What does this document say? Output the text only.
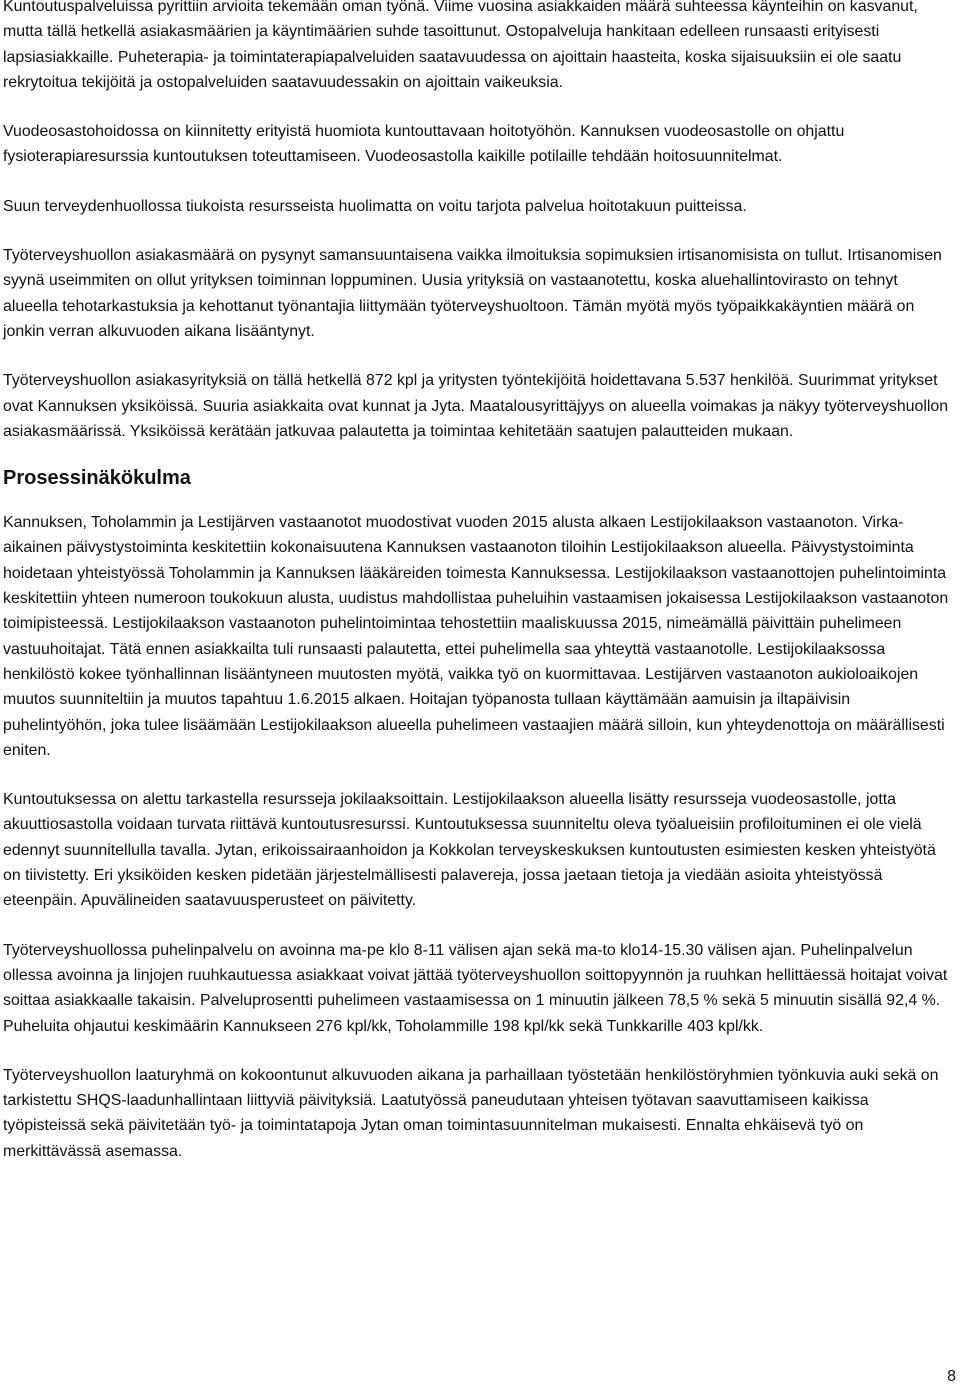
Kuntoutuspalveluissa pyrittiin arvioita tekemään oman työnä. Viime vuosina asiakkaiden määrä suhteessa käynteihin on kasvanut, mutta tällä hetkellä asiakasmäärien ja käyntimäärien suhde tasoittunut. Ostopalveluja hankitaan edelleen runsaasti erityisesti lapsiasiakkaille. Puheterapia- ja toimintaterapiapalveluiden saatavuudessa on ajoittain haasteita, koska sijaisuuksiin ei ole saatu rekrytoitua tekijöitä ja ostopalveluiden saatavuudessakin on ajoittain vaikeuksia.

Vuodeosastohoidossa on kiinnitetty erityistä huomiota kuntouttavaan hoitotyöhön. Kannuksen vuodeosastolle on ohjattu fysioterapiaresurssia kuntoutuksen toteuttamiseen. Vuodeosastolla kaikille potilaille tehdään hoitosuunnitelmat.

Suun terveydenhuollossa tiukoista resursseista huolimatta on voitu tarjota palvelua hoitotakuun puitteissa.

Työterveyshuollon asiakasmäärä on pysynyt samansuuntaisena vaikka ilmoituksia sopimuksien irtisanomisista on tullut. Irtisanomisen syynä useimmiten on ollut yrityksen toiminnan loppuminen. Uusia yrityksiä on vastaanotettu, koska aluehallintovirasto on tehnyt alueella tehotarkastuksia ja kehottanut työnantajia liittymään työterveyshuoltoon. Tämän myötä myös työpaikkakäyntien määrä on jonkin verran alkuvuoden aikana lisääntynyt.

Työterveyshuollon asiakasyrityksiä on tällä hetkellä 872 kpl ja yritysten työntekijöitä hoidettavana 5.537 henkilöä. Suurimmat yritykset ovat Kannuksen yksiköissä. Suuria asiakkaita ovat kunnat ja Jyta. Maatalousyrittäjyys on alueella voimakas ja näkyy työterveyshuollon asiakasmäärissä. Yksiköissä kerätään jatkuvaa palautetta ja toimintaa kehitetään saatujen palautteiden mukaan.

Prosessinäkökulma

Kannuksen, Toholammin ja Lestijärven vastaanotot muodostivat vuoden 2015 alusta alkaen Lestijokilaakson vastaanoton. Virka-aikainen päivystystoiminta keskitettiin kokonaisuutena Kannuksen vastaanoton tiloihin Lestijokilaakson alueella. Päivystystoiminta hoidetaan yhteistyössä Toholammin ja Kannuksen lääkäreiden toimesta Kannuksessa. Lestijokilaakson vastaanottojen puhelintoiminta keskitettiin yhteen numeroon toukokuun alusta, uudistus mahdollistaa puheluihin vastaamisen jokaisessa Lestijokilaakson vastaanoton toimipisteessä. Lestijokilaakson vastaanoton puhelintoimintaa tehostettiin maaliskuussa 2015, nimeämällä päivittäin puhelimeen vastuuhoitajat. Tätä ennen asiakkailta tuli runsaasti palautetta, ettei puhelimella saa yhteyttä vastaanotolle. Lestijokilaaksossa henkilöstö kokee työnhallinnan lisääntyneen muutosten myötä, vaikka työ on kuormittavaa. Lestijärven vastaanoton aukioloaikojen muutos suunniteltiin ja muutos tapahtuu 1.6.2015 alkaen. Hoitajan työpanosta tullaan käyttämään aamuisin ja iltapäivisin puhelintyöhön, joka tulee lisäämään Lestijokilaakson alueella puhelimeen vastaajien määrä silloin, kun yhteydenottoja on määrällisesti eniten.

Kuntoutuksessa on alettu tarkastella resursseja jokilaaksoittain. Lestijokilaakson alueella lisätty resursseja vuodeosastolle, jotta akuuttiosastolla voidaan turvata riittävä kuntoutusresurssi. Kuntoutuksessa suunniteltu oleva työalueisiin profiloituminen ei ole vielä edennyt suunnitellulla tavalla. Jytan, erikoissairaanhoidon ja Kokkolan terveyskeskuksen kuntoutusten esimiesten kesken yhteistyötä on tiivistetty. Eri yksiköiden kesken pidetään järjestelmällisesti palavereja, jossa jaetaan tietoja ja viedään asioita yhteistyössä eteenpäin. Apuvälineiden saatavuusperusteet on päivitetty.

Työterveyshuollossa puhelinpalvelu on avoinna ma-pe klo 8-11 välisen ajan sekä ma-to klo14-15.30 välisen ajan. Puhelinpalvelun ollessa avoinna ja linjojen ruuhkautuessa asiakkaat voivat jättää työterveyshuollon soittopyynnön ja ruuhkan hellittäessä hoitajat voivat soittaa asiakkaalle takaisin. Palveluprosentti puhelimeen vastaamisessa on 1 minuutin jälkeen 78,5 % sekä 5 minuutin sisällä 92,4 %. Puheluita ohjautui keskimäärin Kannukseen 276 kpl/kk, Toholammille 198 kpl/kk sekä Tunkkarille 403 kpl/kk.

Työterveyshuollon laaturyhmä on kokoontunut alkuvuoden aikana ja parhaillaan työstetään henkilöstöryhmien työnkuvia auki sekä on tarkistettu SHQS-laadunhallintaan liittyviä päivityksiä. Laatutyössä paneudutaan yhteisen työtavan saavuttamiseen kaikissa työpisteissä sekä päivitetään työ- ja toimintatapoja Jytan oman toimintasuunnitelman mukaisesti. Ennalta ehkäisevä työ on merkittävässä asemassa.

8
